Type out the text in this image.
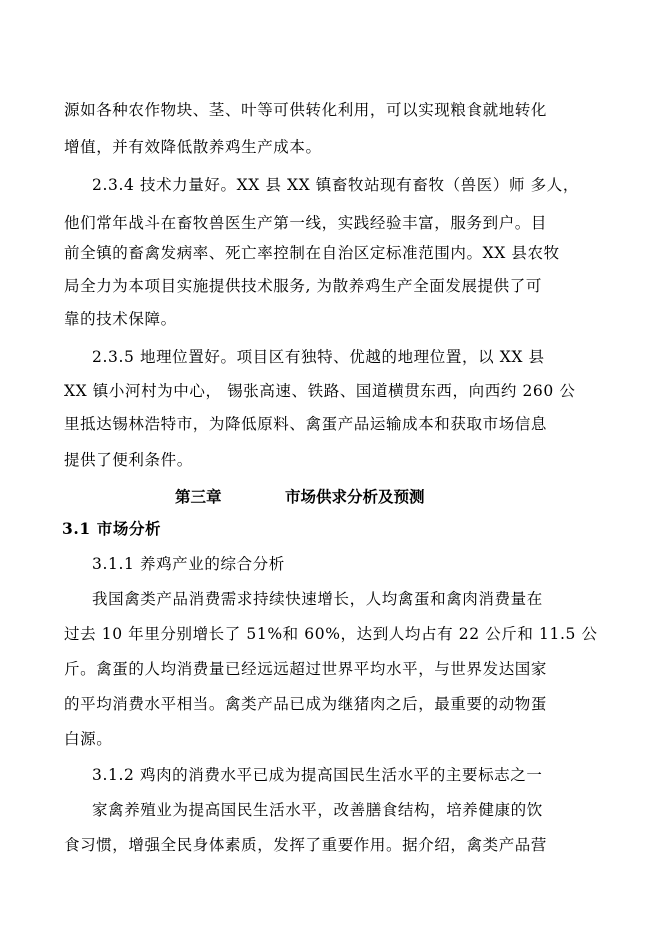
源如各种农作物块、茎、叶等可供转化利用，可以实现粮食就地转化
增值，并有效降低散养鸡生产成本。
2.3.4 技术力量好。XX 县 XX 镇畜牧站现有畜牧（兽医）师 多人，
他们常年战斗在畜牧兽医生产第一线，实践经验丰富，服务到户。目
前全镇的畜禽发病率、死亡率控制在自治区定标准范围内。XX 县农牧
局全力为本项目实施提供技术服务, 为散养鸡生产全面发展提供了可
靠的技术保障。
2.3.5 地理位置好。项目区有独特、优越的地理位置，以 XX 县
XX 镇小河村为中心， 锡张高速、铁路、国道横贯东西，向西约 260 公
里抵达锡林浩特市，为降低原料、禽蛋产品运输成本和获取市场信息
提供了便利条件。
第三章	市场供求分析及预测
3.1 市场分析
3.1.1 养鸡产业的综合分析
我国禽类产品消费需求持续快速增长，人均禽蛋和禽肉消费量在
过去 10 年里分别增长了 51%和 60%，达到人均占有 22 公斤和 11.5 公
斤。禽蛋的人均消费量已经远远超过世界平均水平，与世界发达国家
的平均消费水平相当。禽类产品已成为继猪肉之后，最重要的动物蛋
白源。
3.1.2 鸡肉的消费水平已成为提高国民生活水平的主要标志之一
家禽养殖业为提高国民生活水平，改善膳食结构，培养健康的饮
食习惯，增强全民身体素质，发挥了重要作用。据介绍，禽类产品营
